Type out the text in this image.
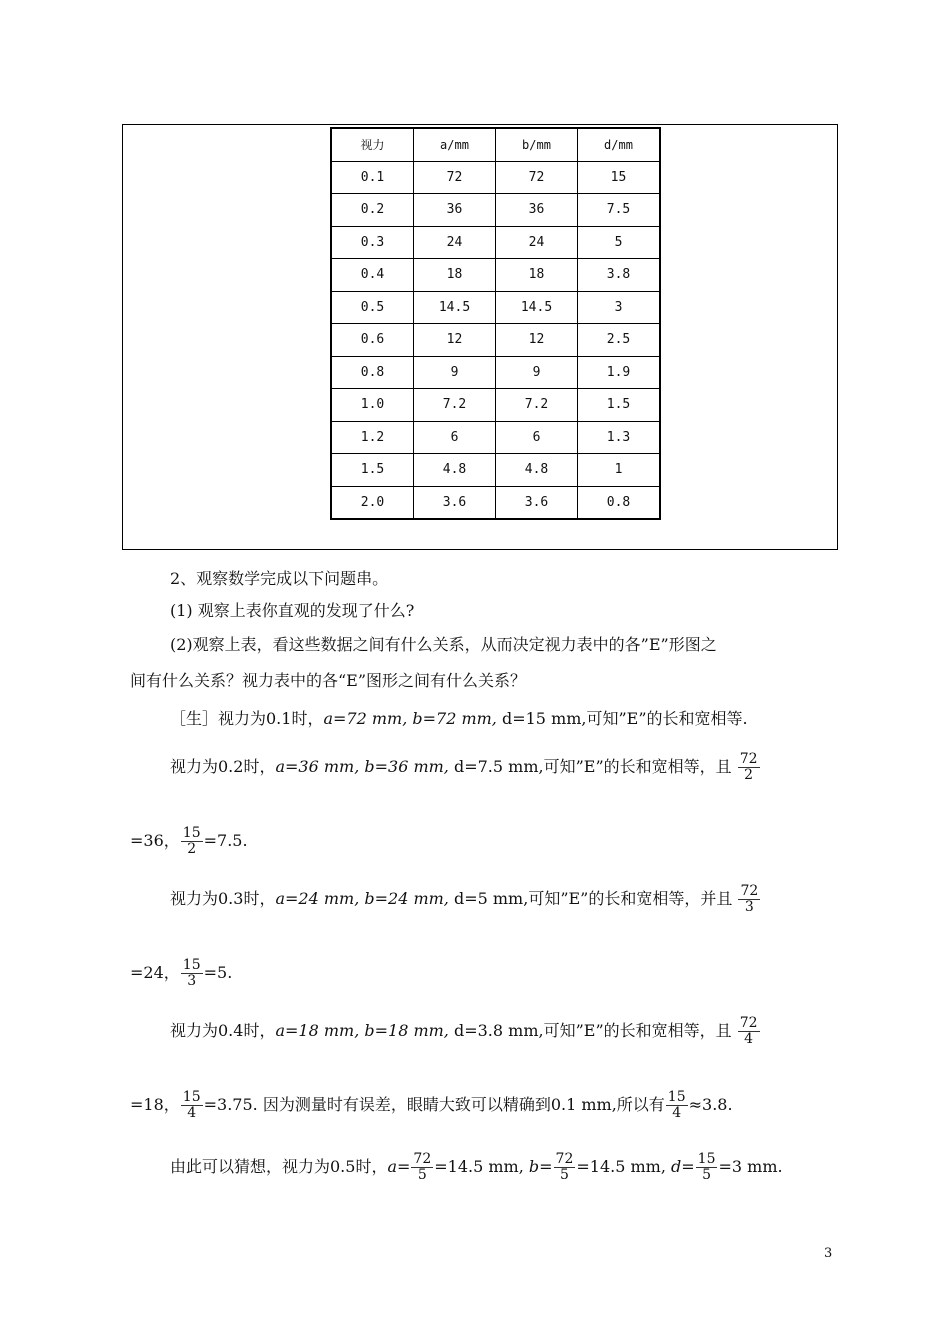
视力	a/mm	b/mm	d/mm
0.1	72	72	15
0.2	36	36	7.5
0.3	24	24	5
0.4	18	18	3.8
0.5	14.5	14.5	3
0.6	12	12	2.5
0.8	9	9	1.9
1.0	7.2	7.2	1.5
1.2	6	6	1.3
1.5	4.8	4.8	1
2.0	3.6	3.6	0.8
2、观察数学完成以下问题串。
(1) 观察上表你直观的发现了什么?
(2)观察上表，看这些数据之间有什么关系，从而决定视力表中的各”E”形图之
间有什么关系？视力表中的各“E”图形之间有什么关系？
［生］视力为0.1时，a=72 mm, b=72 mm, d=15 mm,可知”E”的长和宽相等.
视力为0.2时，a=36 mm, b=36 mm, d=7.5 mm,可知”E”的长和宽相等，且 $\frac{72}{2}$
=36， $\frac{15}{2} =7.5$.
视力为0.3时，a=24 mm, b=24 mm, d=5 mm,可知”E”的长和宽相等，并且 $\frac{72}{3}$
=24， $\frac{15}{3} =5$.
视力为0.4时，a=18 mm, b=18 mm, d=3.8 mm,可知”E”的长和宽相等，且 $\frac{72}{4}$
=18， $\frac{15}{4} =3.75$. 因为测量时有误差，眼睛大致可以精确到0.1 mm,所以有 $\frac{15}{4} \approx 3.8$.
由此可以猜想，视力为0.5时，$a= \frac{72}{5} =14.5$ mm, $b= \frac{72}{5} =14.5$ mm, $d= \frac{15}{5} =3$ mm.
3
